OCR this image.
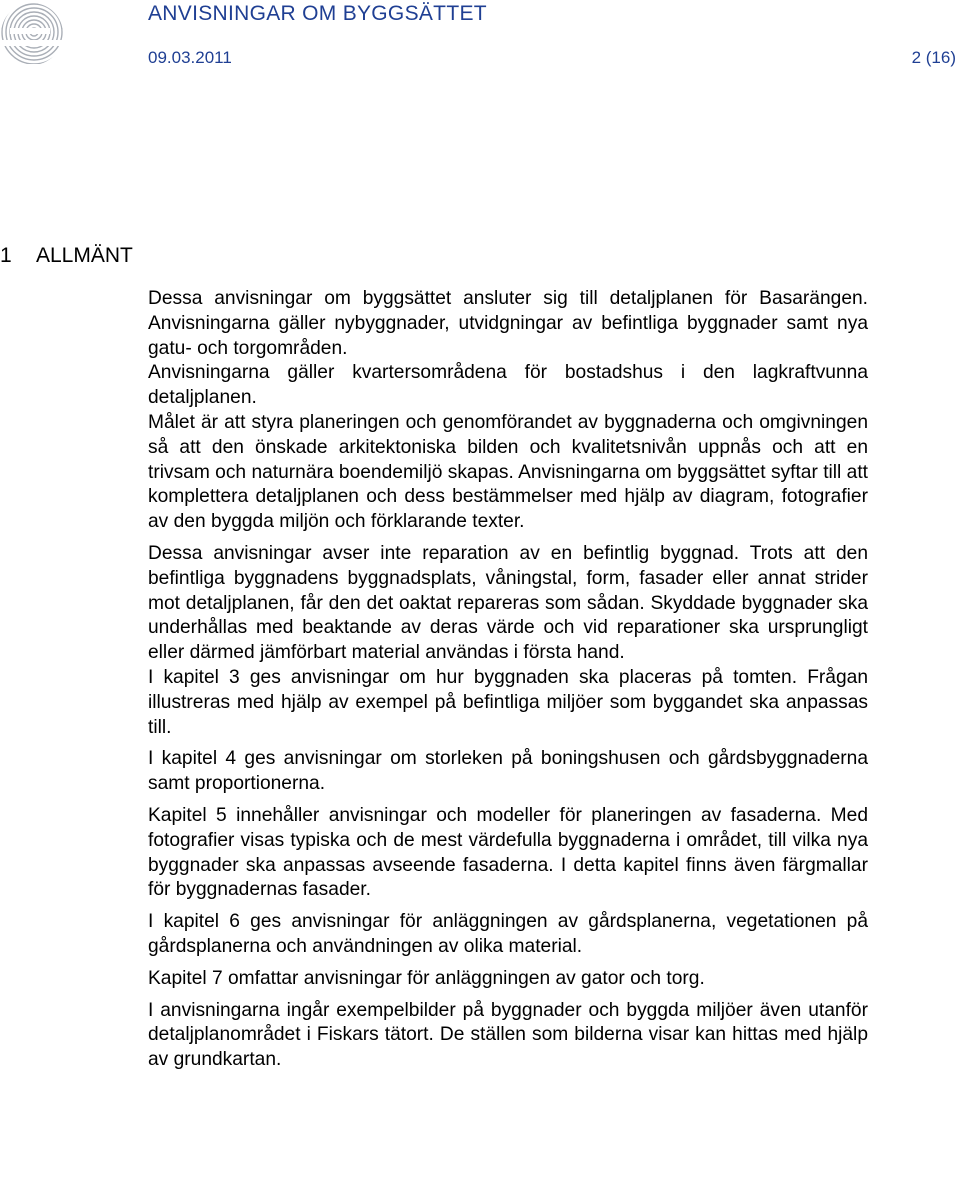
ANVISNINGAR OM BYGGSÄTTET
09.03.2011	2 (16)
1 ALLMÄNT

Dessa anvisningar om byggsättet ansluter sig till detaljplanen för Basarängen. Anvisningarna gäller nybyggnader, utvidgningar av befintliga byggnader samt nya gatu- och torgområden.

Anvisningarna gäller kvartersområdena för bostadshus i den lagkraftvunna detaljplanen.

Målet är att styra planeringen och genomförandet av byggnaderna och omgivningen så att den önskade arkitektoniska bilden och kvalitetsnivån uppnås och att en trivsam och naturnära boendemiljö skapas. Anvisningarna om byggsättet syftar till att komplettera detaljplanen och dess bestämmelser med hjälp av diagram, fotografier av den byggda miljön och förklarande texter.

Dessa anvisningar avser inte reparation av en befintlig byggnad. Trots att den befintliga byggnadens byggnadsplats, våningstal, form, fasader eller annat strider mot detaljplanen, får den det oaktat repareras som sådan. Skyddade byggnader ska underhållas med beaktande av deras värde och vid reparationer ska ursprungligt eller därmed jämförbart material användas i första hand.

I kapitel 3 ges anvisningar om hur byggnaden ska placeras på tomten. Frågan illustreras med hjälp av exempel på befintliga miljöer som byggandet ska anpassas till.

I kapitel 4 ges anvisningar om storleken på boningshusen och gårdsbyggnaderna samt proportionerna.

Kapitel 5 innehåller anvisningar och modeller för planeringen av fasaderna. Med fotografier visas typiska och de mest värdefulla byggnaderna i området, till vilka nya byggnader ska anpassas avseende fasaderna. I detta kapitel finns även färgmallar för byggnadernas fasader.

I kapitel 6 ges anvisningar för anläggningen av gårdsplanerna, vegetationen på gårdsplanerna och användningen av olika material.

Kapitel 7 omfattar anvisningar för anläggningen av gator och torg.

I anvisningarna ingår exempelbilder på byggnader och byggda miljöer även utanför detaljplanområdet i Fiskars tätort. De ställen som bilderna visar kan hittas med hjälp av grundkartan.
